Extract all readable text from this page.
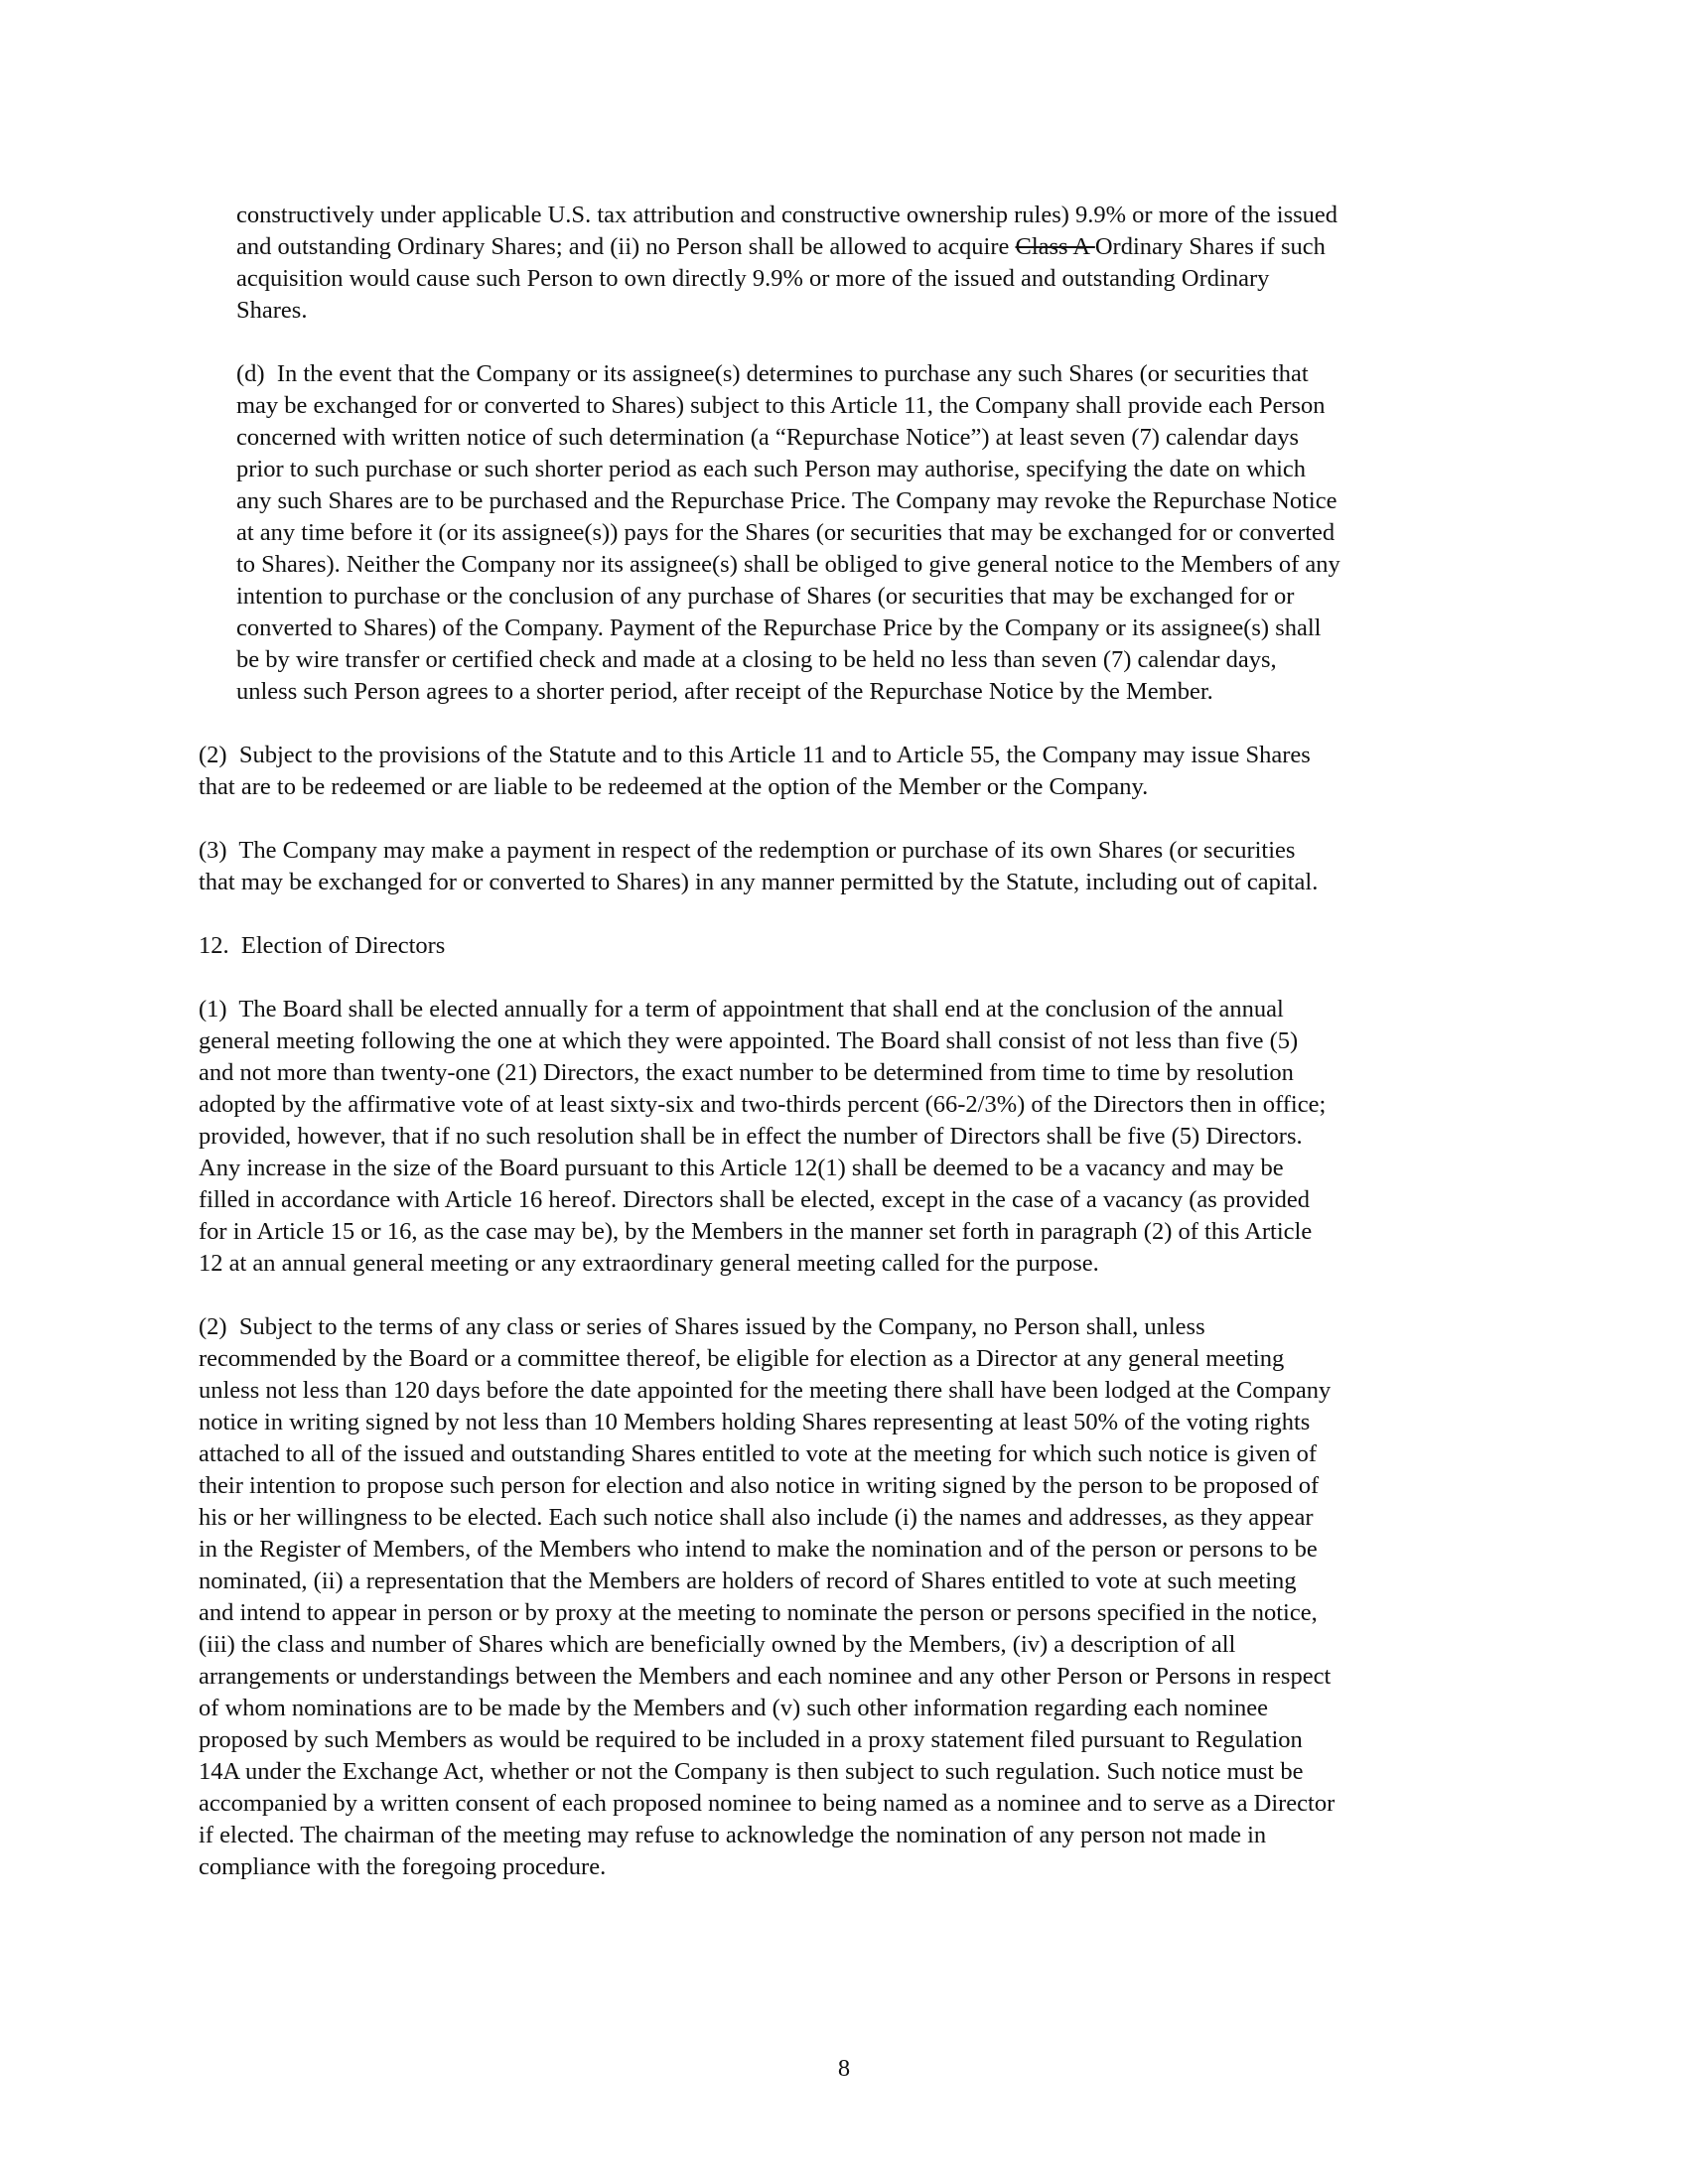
constructively under applicable U.S. tax attribution and constructive ownership rules) 9.9% or more of the issued
and outstanding Ordinary Shares; and (ii) no Person shall be allowed to acquire Class A Ordinary Shares if such
acquisition would cause such Person to own directly 9.9% or more of the issued and outstanding Ordinary
Shares.
(d)  In the event that the Company or its assignee(s) determines to purchase any such Shares (or securities that
may be exchanged for or converted to Shares) subject to this Article 11, the Company shall provide each Person
concerned with written notice of such determination (a “Repurchase Notice”) at least seven (7) calendar days
prior to such purchase or such shorter period as each such Person may authorise, specifying the date on which
any such Shares are to be purchased and the Repurchase Price. The Company may revoke the Repurchase Notice
at any time before it (or its assignee(s)) pays for the Shares (or securities that may be exchanged for or converted
to Shares). Neither the Company nor its assignee(s) shall be obliged to give general notice to the Members of any
intention to purchase or the conclusion of any purchase of Shares (or securities that may be exchanged for or
converted to Shares) of the Company. Payment of the Repurchase Price by the Company or its assignee(s) shall
be by wire transfer or certified check and made at a closing to be held no less than seven (7) calendar days,
unless such Person agrees to a shorter period, after receipt of the Repurchase Notice by the Member.
(2)  Subject to the provisions of the Statute and to this Article 11 and to Article 55, the Company may issue Shares
that are to be redeemed or are liable to be redeemed at the option of the Member or the Company.
(3)  The Company may make a payment in respect of the redemption or purchase of its own Shares (or securities
that may be exchanged for or converted to Shares) in any manner permitted by the Statute, including out of capital.
12.  Election of Directors
(1)  The Board shall be elected annually for a term of appointment that shall end at the conclusion of the annual
general meeting following the one at which they were appointed. The Board shall consist of not less than five (5)
and not more than twenty-one (21) Directors, the exact number to be determined from time to time by resolution
adopted by the affirmative vote of at least sixty-six and two-thirds percent (66-2/3%) of the Directors then in office;
provided, however, that if no such resolution shall be in effect the number of Directors shall be five (5) Directors.
Any increase in the size of the Board pursuant to this Article 12(1) shall be deemed to be a vacancy and may be
filled in accordance with Article 16 hereof. Directors shall be elected, except in the case of a vacancy (as provided
for in Article 15 or 16, as the case may be), by the Members in the manner set forth in paragraph (2) of this Article
12 at an annual general meeting or any extraordinary general meeting called for the purpose.
(2)  Subject to the terms of any class or series of Shares issued by the Company, no Person shall, unless
recommended by the Board or a committee thereof, be eligible for election as a Director at any general meeting
unless not less than 120 days before the date appointed for the meeting there shall have been lodged at the Company
notice in writing signed by not less than 10 Members holding Shares representing at least 50% of the voting rights
attached to all of the issued and outstanding Shares entitled to vote at the meeting for which such notice is given of
their intention to propose such person for election and also notice in writing signed by the person to be proposed of
his or her willingness to be elected. Each such notice shall also include (i) the names and addresses, as they appear
in the Register of Members, of the Members who intend to make the nomination and of the person or persons to be
nominated, (ii) a representation that the Members are holders of record of Shares entitled to vote at such meeting
and intend to appear in person or by proxy at the meeting to nominate the person or persons specified in the notice,
(iii) the class and number of Shares which are beneficially owned by the Members, (iv) a description of all
arrangements or understandings between the Members and each nominee and any other Person or Persons in respect
of whom nominations are to be made by the Members and (v) such other information regarding each nominee
proposed by such Members as would be required to be included in a proxy statement filed pursuant to Regulation
14A under the Exchange Act, whether or not the Company is then subject to such regulation. Such notice must be
accompanied by a written consent of each proposed nominee to being named as a nominee and to serve as a Director
if elected. The chairman of the meeting may refuse to acknowledge the nomination of any person not made in
compliance with the foregoing procedure.
8
